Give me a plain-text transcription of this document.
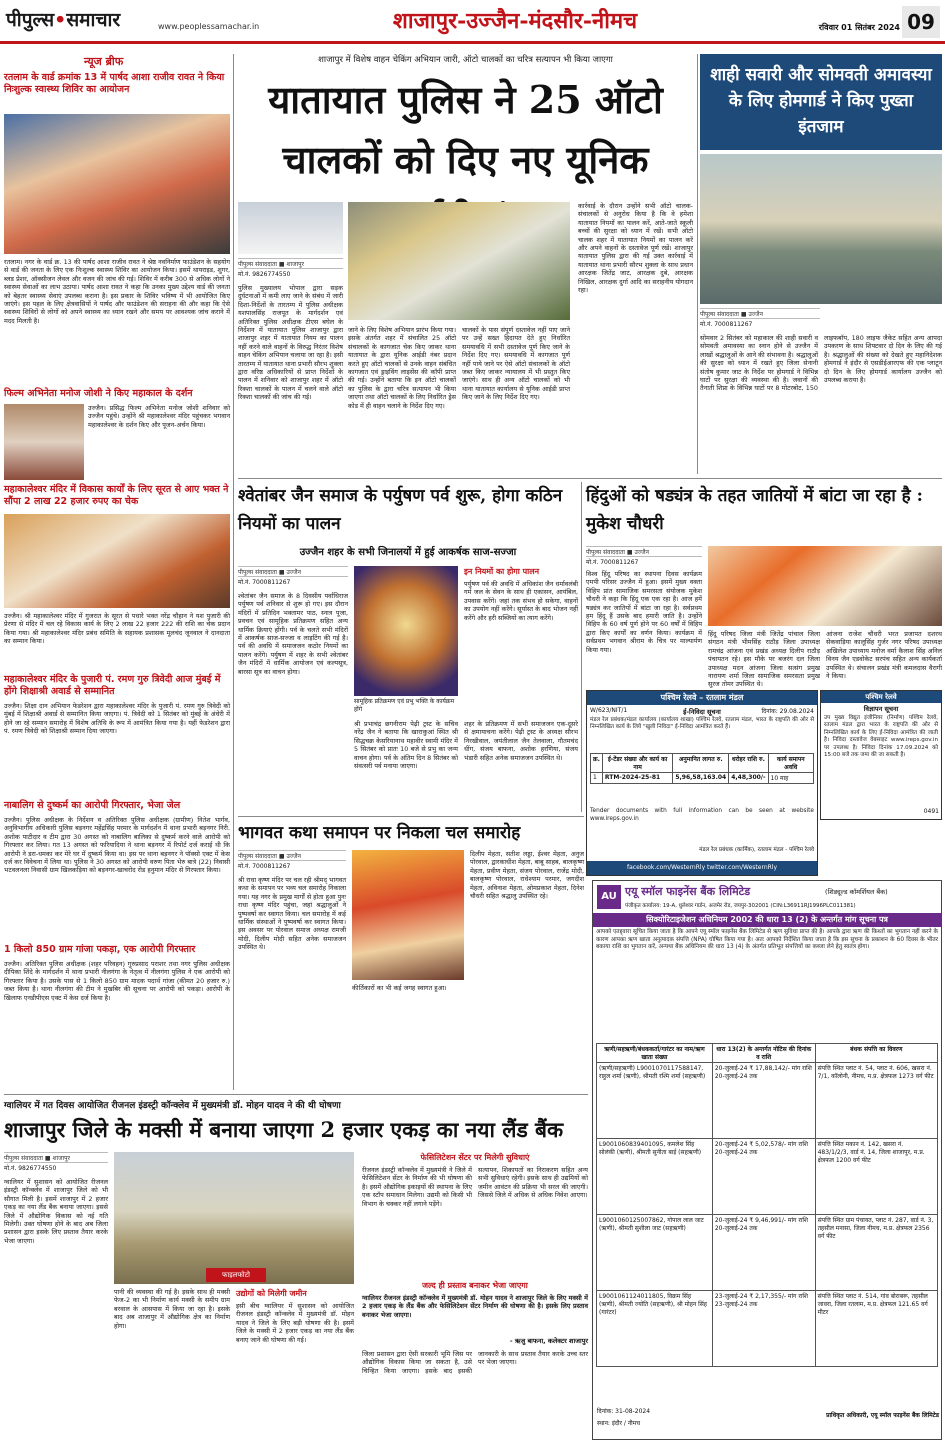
पीपुल्स•समाचार	www.peoplessamachar.in	शाजापुर-उज्जैन-मंदसौर-नीमच	रविवार 01 सितंबर 2024 09
न्यूज ब्रीफ
रतलाम के वार्ड क्रमांक 13 में पार्षद आशा राजीव रावत ने किया निःशुल्क स्वास्थ्य शिविर का आयोजन
रतलाम। नगर के वार्ड क्र. 13 की पार्षद आशा राजीव रावत ने श्रेष्ठ नवनिर्माण फाउंडेशन के सहयोग से वार्ड की जनता के लिए एक निःशुल्क स्वास्थ्य शिविर का आयोजन किया। इसमें थायराइड, शुगर, ब्लड प्रेशर, ऑक्सीजन लेवल और वजन की जांच की गई। शिविर में करीब 300 से अधिक लोगों ने स्वास्थ्य सेवाओं का लाभ उठाया। पार्षद आशा रावत ने कहा कि उनका मुख्य उद्देश्य वार्ड की जनता को बेहतर स्वास्थ्य सेवाएं उपलब्ध कराना है। इस प्रकार के शिविर भविष्य में भी आयोजित किए जाएंगे। इस पहल के लिए क्षेत्रवासियों ने पार्षद और फाउंडेशन की सराहना की और कहा कि ऐसे स्वास्थ्य शिविरों से लोगों को अपने स्वास्थ्य का ध्यान रखने और समय पर आवश्यक जांच कराने में मदद मिलती है।
फिल्म अभिनेता मनोज जोशी ने किए महाकाल के दर्शन
उज्जैन। प्रसिद्ध फिल्म अभिनेता मनोज जोशी शनिवार को उज्जैन पहुंचे। उन्होंने श्री महाकालेश्वर मंदिर पहुंचकर भगवान महाकालेश्वर के दर्शन किए और पूजन-अर्चन किया।
महाकालेश्वर मंदिर में विकास कार्यों के लिए सूरत से आए भक्त ने सौंपा 2 लाख 22 हजार रुपए का चेक
उज्जैन। श्री महाकालेश्वर मंदिर में गुजरात के सूरत से पधारे भक्त नरेंद्र चौहान ने यश पुजारी की प्रेरणा से मंदिर में चल रहे विकास कार्य के लिए 2 लाख 22 हजार 222 की राशि का चेक प्रदान किया गया। श्री महाकालेश्वर मंदिर प्रबंध समिति के सहायक प्रशासक मूलचंद जूनवाल ने दानदाता का सम्मान किया।
महाकालेश्वर मंदिर के पुजारी पं. रमण गुरु त्रिवेदी आज मुंबई में होंगे शिक्षाश्री अवार्ड से सम्मानित
उज्जैन। शिक्षा दान अभियान फेडरेशन द्वारा महाकालेश्वर मंदिर के पुजारी पं. रमण गुरु त्रिवेदी को मुंबई में शिक्षाश्री अवार्ड से सम्मानित किया जाएगा। पं. त्रिवेदी को 1 सितंबर को मुंबई के अंधेरी में होने जा रहे सम्मान समारोह में विशेष अतिथि के रूप में आमंत्रित किया गया है। यहीं फेडरेशन द्वारा पं. रमण त्रिवेदी को शिक्षाश्री सम्मान दिया जाएगा।
नाबालिग से दुष्कर्म का आरोपी गिरफ्तार, भेजा जेल
उज्जैन। पुलिस अधीक्षक के निर्देशन व अतिरिक्त पुलिस अधीक्षक (ग्रामीण) नितेश भार्गव, अनुविभागीय अधिकारी पुलिस बड़नगर महेंद्रसिंह परमार के मार्गदर्शन में थाना प्रभारी बड़नगर निरी. अशोक पाटीदार व टीम द्वारा 30 अगस्त को नाबालिग बालिका से दुष्कर्म करने वाले आरोपी को गिरफ्तार कर लिया। गत 13 अगस्त को फरियादिया ने थाना बड़नगर में रिपोर्ट दर्ज कराई थी कि आरोपी ने डरा-धमका कर मेरे घर में दुष्कर्म किया था। इस पर थाना बड़नगर ने पॉक्सो एक्ट में केस दर्ज कर विवेचना में लिया था। पुलिस ने 30 अगस्त को आरोपी वरुण पिता भेरु बात्रे (22) निवासी भटवलनला निवासी ग्राम खिलकड़िया को बड़नगर-खाचरोद रोड हनुमान मंदिर से गिरफ्तार किया।
1 किलो 850 ग्राम गांजा पकड़ा, एक आरोपी गिरफ्तार
उज्जैन। अतिरिक्त पुलिस अधीक्षक (शहर परिवहन) गुरुप्रसाद पराशर तथा नगर पुलिस अधीक्षक दीपिका शिंदे के मार्गदर्शन में थाना प्रभारी नीलगंगा के नेतृत्व में नीलगंगा पुलिस ने एक आरोपी को गिरफ्तार किया है। उसके पास से 1 किलो 850 ग्राम मादक पदार्थ गांजा (कीमत 20 हजार रु.) जब्त किया है। थाना नीलगंगा की टीम ने मुखबिर की सूचना पर आरोपी को पकड़ा। आरोपी के खिलाफ एनडीपीएस एक्ट में केस दर्ज किया है।
शाजापुर में विशेष वाहन चेकिंग अभियान जारी, ऑटो चालकों का चरित्र सत्यापन भी किया जाएगा
यातायात पुलिस ने 25 ऑटो चालकों को दिए नए यूनिक
पीपुल्स संवाददाता ■ शाजापुर
मो.नं. 9826774550
पुलिस मुख्यालय भोपाल द्वारा सड़क दुर्घटनाओं में कमी लाए जाने के संबंध में जारी दिशा-निर्देशों के तारतम्य में पुलिस अधीक्षक यशपालसिंह राजपूत के मार्गदर्शन एवं अतिरिक्त पुलिस अधीक्षक टीएस बघेल के निर्देशन में यातायात पुलिस शाजापुर द्वारा शाजापुर शहर में यातायात नियम का पालन नहीं करने वाले वाहनों के विरुद्ध निरंतर विशेष वाहन चेकिंग अभियान चलाया जा रहा है। इसी तारतम्य में यातायात थाना प्रभारी सौरभ शुक्ला द्वारा वरिष्ठ अधिकारियों से प्राप्त निर्देशों के पालन में शनिवार को शाजापुर शहर में ऑटो रिक्शा चालकों के पालन में चलने वाले ऑटो रिक्शा चालकों की जांच की गई।
जाने के लिए विशेष अभियान प्रारंभ किया गया। इसके अंतर्गत शहर में संचालित 25 ऑटो संचालकों के कागजात चेक किए जाकर थाना यातायात के द्वारा यूनिक आईडी नंबर प्रदान करते हुए ऑटो चालकों से उनके वाहन संबंधित कागजात एवं ड्राइविंग लाइसेंस की कॉपी प्राप्त की गई। उन्होंने बताया कि इन ऑटो चालकों का पुलिस के द्वारा चरित्र सत्यापन भी किया जाएगा तथा ऑटो चालकों के लिए निर्धारित ड्रेस कोड में ही वाहन चलाने के निर्देश दिए गए।
चालकों के पास संपूर्ण दस्तावेज नहीं पाए जाने पर उन्हें सख्त हिदायत देते हुए निर्धारित समयावधि में सभी दस्तावेज पूर्ण किए जाने के निर्देश दिए गए। समयावधि में कागजात पूर्ण नहीं पाये जाने पर ऐसे ऑटो संचालकों के ऑटो जब्त किए जाकर न्यायालय में भी प्रस्तुत किए जाएंगे। साथ ही अन्य ऑटो चालकों को भी थाना यातायात कार्यालय से यूनिक आईडी प्राप्त किए जाने के लिए निर्देश दिए गए।
कार्रवाई के दौरान उन्होंने सभी ऑटो चालक-संचालकों से अनुरोध किया है कि वे हमेशा यातायात नियमों का पालन करें, आते-जाते स्कूली बच्चों की सुरक्षा को ध्यान में रखें। सभी ऑटो चालक शहर में यातायात नियमों का पालन करें और अपने वाहनों के दस्तावेज पूर्ण रखें। शाजापुर यातायात पुलिस द्वारा की गई उक्त कार्रवाई में यातायात थाना प्रभारी सौरभ शुक्ला के साथ प्रधान आरक्षक जितेंद्र जाट, आरक्षक दुबे, आरक्षक निखिल, आरक्षक दुर्गा आदि का सराहनीय योगदान रहा।
शाही सवारी और सोमवती अमावस्या के लिए होमगार्ड ने किए पुख्ता इंतजाम
पीपुल्स संवाददाता ■ उज्जैन
मो.नं. 7000811267
सोमवार 2 सितंबर को महाकाल की शाही सवारी व सोमवती अमावस्या का स्नान होने से उज्जैन में लाखों श्रद्धालुओं के आने की संभावना है। श्रद्धालुओं की सुरक्षा को ध्यान में रखते हुए जिला सेनानी संतोष कुमार जाट के निर्देश पर होमगार्ड ने विभिन्न घाटों पर सुरक्षा की व्यवस्था की है। जवानों की तैनाती शिप्रा के विभिन्न घाटों पर 8 मोटरबोट, 150 लाइफबॉय, 180 लाइफ जैकेट सहित अन्य आपदा उपकरण के साथ शिफ्टवार दो दिन के लिए की गई है। श्रद्धालुओं की संख्या को देखते हुए महानिदेशक होमगार्ड ने इंदौर से एसडीईआरएफ की एक प्लाटून दो दिन के लिए होमगार्ड कार्यालय उज्जैन को उपलब्ध कराया है।
श्वेतांबर जैन समाज के पर्युषण पर्व शुरू, होगा कठिन नियमों का पालन
उज्जैन शहर के सभी जिनालयों में हुई आकर्षक साज-सज्जा
पीपुल्स संवाददाता ■ उज्जैन
मो.नं. 7000811267
श्वेतांबर जैन समाज के 8 दिवसीय पर्वाधिराज पर्युषण पर्व शनिवार से शुरू हो गए। इस दौरान मंदिरों में प्रतिदिन भक्तामर पाठ, स्नात्र पूजा, प्रवचन एवं सामूहिक प्रतिक्रमण सहित अन्य धार्मिक क्रियाएं होंगी। पर्व के चलते सभी मंदिरों में आकर्षक साज-सज्जा व लाइटिंग की गई है। पर्व की अवधि में समाजजन कठोर नियमों का पालन करेंगे। पर्युषण में शहर के सभी श्वेतांबर जैन मंदिरों में धार्मिक आयोजन एवं कल्पसूत्र, बारसा सूत्र का वाचन होगा।
सामूहिक प्रतिक्रमण एवं प्रभु भक्ति के कार्यक्रम होंगे
इन नियमों का होगा पालन
पर्युषण पर्व की अवधि में अधिकांश जैन धर्मावलंबी गर्म जल के सेवन के साथ ही एकासन, आयंबिल, उपवास करेंगे। जहां तक संभव हो सकेगा, वाहनों का उपयोग नहीं करेंगे। सूर्यास्त के बाद भोजन नहीं करेंगे और हरी सब्जियों का त्याग करेंगे।
श्री प्रभाचंद्र छगनीराम पेढ़ी ट्रस्ट के सचिव नरेंद्र जैन ने बताया कि खाराकुआं स्थित श्री सिद्धचक्र केसरियानाथ महावीर स्वामी मंदिर में 5 सितंबर को प्रातः 10 बजे से प्रभु का जन्म वाचन होगा। पर्व के अंतिम दिन 8 सितंबर को संवत्सरी पर्व मनाया जाएगा।
शहर के प्रतिक्रमण में सभी समाजजन एक-दूसरे से क्षमायाचना करेंगे। पेढ़ी ट्रस्ट के अध्यक्ष सौरभ निरखीवाल, जयंतीलाल जैन तेलवाला, गौतमचंद धींग, संजय बाफना, अशोक हरणिया, संजय भंडारी सहित अनेक समाजजन उपस्थित थे।
हिंदुओं को षड्यंत्र के तहत जातियों में बांटा जा रहा है : मुकेश चौधरी
पीपुल्स संवाददाता ■ उज्जैन
मो.नं. 7000811267
विश्व हिंदू परिषद का स्थापना दिवस कार्यक्रम एमपी परिसर उज्जैन में हुआ। इसमें मुख्य वक्ता विहिप प्रांत सामाजिक समरसता संयोजक मुकेश चौधरी ने कहा कि हिंदू एक एक रहा है। आज हमें षड्यंत्र कर जातियों में बांटा जा रहा है। सर्वप्रथम हम हिंदू हैं उसके बाद हमारी जाति है। उन्होंने विहिप के 60 वर्ष पूर्ण होने पर 60 वर्षों में विहिप द्वारा किए कार्यों का वर्णन किया। कार्यक्रम में सर्वप्रथम भगवान श्रीराम के चित्र पर माल्यार्पण किया गया।
हिंदू परिषद जिला मंत्री जितेंद्र पांचाल जिला संगठन मंत्री भीमसिंह राठौड़ जिला उपाध्यक्ष रामचंद्र आंजना एवं प्रखंड अध्यक्ष दिलीप राठौड़ पंचायतन रहे। इस मौके पर बजरंग दल जिला उपाध्यक्ष मदन आंजना जिला सत्संग प्रमुख नारायण शर्मा जिला सामाजिक समरसता प्रमुख सुरज तोमर उपस्थित थे।
आंजना राजेश चौधरी भरत प्रजापत दशरथ सेकवाड़िया कालूसिंह गुर्जर नगर परिषद उपाध्यक्ष अखिलेश उपाध्याय मनोज वर्मा कैलाश सिंह अनिल विनय जैन एडवोकेट सरपंच सहित अन्य कार्यकर्ता उपस्थित थे। संचालन प्रखंड मंत्री कमलदास वैरागी ने किया।
पश्चिम रेलवे
विज्ञापन सूचना
उप मुख्य विद्युत इंजीनियर (निर्माण) पश्चिम रेलवे, रतलाम मंडल द्वारा भारत के राष्ट्रपति की ओर से निम्नलिखित कार्य के लिए ई-निविदा आमंत्रित की जाती है। निविदा दस्तावेज वेबसाइट www.ireps.gov.in पर उपलब्ध है। निविदा दिनांक 17.09.2024 को 15:00 बजे तक जमा की जा सकती है।
0491
पश्चिम रेलवे – रतलाम मंडल
W/623/NIT/1	ई-निविदा सूचना	दिनांक: 29.08.2024
मंडल रेल प्रबंधक/मंडल कार्यालय (कार्यालय शाखा) पश्चिम रेलवे, रतलाम मंडल, भारत के राष्ट्रपति की ओर से निम्नलिखित कार्य के लिये "खुली निविदा" ई-निविदा आमंत्रित करते हैं।
क्र.	ई-टेंडर संख्या और कार्य का नाम	अनुमानित लागत रु.	धरोहर राशि रु.	कार्य समापन अवधि
1	RTM-2024-25-81	5,96,58,163.04	4,48,300/-	10 माह
Tender documents with full information can be seen at website www.ireps.gov.in
मंडल रेल प्रबंधक (कार्मिक), रतलाम मंडल - पश्चिम रेलवे
facebook.com/WesternRly twitter.com/WesternRly
भागवत कथा समापन पर निकला चल समारोह
पीपुल्स संवाददाता ■ उज्जैन
मो.नं. 7000811267
श्री राधा कृष्ण मंदिर पर चल रही श्रीमद् भागवत कथा के समापन पर भव्य चल समारोह निकाला गया। यह नगर के प्रमुख मार्गों से होता हुआ पुनः राधा कृष्ण मंदिर पहुंचा, जहां श्रद्धालुओं ने पुष्पवर्षा कर स्वागत किया। चल समारोह में कई धार्मिक संस्थाओं ने पुष्पवर्षा कर स्वागत किया। इस अवसर पर पोरवाल समाज अध्यक्ष रामजी मोदी, दिलीप मोदी सहित अनेक समाजजन उपस्थित थे।
कीर्तिकारों का भी कई जगह स्वागत हुआ।
दिलीप मेहता, सतीश लड्डा, ईश्वर मेहता, अनुज पोरवाल, द्वारकाधीश मेहता, बाबू साहब, बालकृष्ण मेहता, प्रवीण मेहता, संजय पोरवाल, राजेंद्र मोदी, बालकृष्ण पोरवाल, राधेश्याम परमार, जगदीश मेहता, अविनाश मेहता, ओमप्रकाश मेहता, दिनेश चौधरी सहित श्रद्धालु उपस्थित रहे।	AU एयू स्मॉल फाइनेंस बैंक लिमिटेड	(शिड्यूल्ड कॉमर्शियल बैंक)
पंजीकृत कार्यालय: 19-A, धुलेश्वर गार्डन, अजमेर रोड, जयपुर-302001 (CIN:L36911RJ1996PLC011381)
सिक्योरिटाइजेशन अधिनियम 2002 की धारा 13 (2) के अन्तर्गत मांग सूचना पत्र
आपको एतद्द्वारा सूचित किया जाता है कि आपने एयू स्मॉल फाइनेंस बैंक लिमिटेड से ऋण सुविधा प्राप्त की है। आपके द्वारा ऋण की किश्तों का भुगतान नहीं करने के कारण आपका ऋण खाता अनुत्पादक संपत्ति (NPA) घोषित किया गया है। अतः आपको निर्देशित किया जाता है कि इस सूचना के प्रकाशन के 60 दिवस के भीतर बकाया राशि का भुगतान करें, अन्यथा बैंक अधिनियम की धारा 13 (4) के अंतर्गत प्रतिभूत संपत्तियों का कब्जा लेने हेतु स्वतंत्र होगा।
ऋणी/सहऋणी/बंधककर्ता/गारंटर का नाम/ऋण खाता संख्या	धारा 13(2) के अन्तर्गत नोटिस की दिनांक व राशि	बंधक संपत्ति का विवरण
(ऋणी/सहऋणी) L9001070117588147, राहुल शर्मा (ऋणी), श्रीमती रश्मि शर्मा (सहऋणी)	20-जुलाई-24 ₹ 17,88,142/- मांग राशि 20-जुलाई-24 तक	संपत्ति स्थित प्लाट नं. 54, प्लाट नं. 606, खसरा नं. 7/1, कॉलोनी, नीमच, म.प्र. क्षेत्रफल 1273 वर्ग फीट
L9001060839401095, कमलेश सिंह सोलंकी (ऋणी), श्रीमती सुनीता बाई (सहऋणी)	20-जुलाई-24 ₹ 5,02,578/- मांग राशि 20-जुलाई-24 तक	संपत्ति स्थित मकान नं. 142, खसरा नं. 483/1/2/3, वार्ड नं. 14, जिला शाजापुर, म.प्र. क्षेत्रफल 1200 वर्ग फीट
L9001060125007862, गोपाल लाल जाट (ऋणी), श्रीमती सुशीला जाट (सहऋणी)	20-जुलाई-24 ₹ 9,46,991/- मांग राशि 20-जुलाई-24 तक	संपत्ति स्थित ग्राम पंचायत, प्लाट नं. 287, वार्ड नं. 3, तहसील मनासा, जिला नीमच, म.प्र. क्षेत्रफल 2356 वर्ग फीट
L9001061124011805, विक्रम सिंह (ऋणी), श्रीमती ज्योति (सहऋणी), श्री मोहन सिंह (गारंटर)	23-जुलाई-24 ₹ 2,17,355/- मांग राशि 23-जुलाई-24 तक	संपत्ति स्थित प्लाट नं. 514, गांव बोराबरू, तहसील जावरा, जिला रतलाम, म.प्र. क्षेत्रफल 121.65 वर्ग मीटर
दिनांक: 31-08-2024
स्थान: इंदौर / नीमच
प्राधिकृत अधिकारी, एयू स्मॉल फाइनेंस बैंक लिमिटेड
ग्वालियर में गत दिवस आयोजित रीजनल इंडस्ट्री कॉन्क्लेव में मुख्यमंत्री डॉ. मोहन यादव ने की थी घोषणा
शाजापुर जिले के मक्सी में बनाया जाएगा 2 हजार एकड़ का नया लैंड बैंक
पीपुल्स संवाददाता ■ शाजापुर
मो.नं. 9826774550
ग्वालियर में सुशासन को आयोजित रीजनल इंडस्ट्री कॉन्क्लेव में शाजापुर जिले को भी सौगात मिली है। इसमें शाजापुर में 2 हजार एकड़ का नया लैंड बैंक बनाया जाएगा। इससे जिले में औद्योगिक विकास को नई गति मिलेगी। उक्त घोषणा होने के बाद अब जिला प्रशासन द्वारा इसके लिए प्रस्ताव तैयार करके भेजा जाएगा।
फाइलफोटो
पानी की व्यवस्था की गई है। इसके साथ ही मक्सी फेज-2 का भी निर्माण कार्य मक्सी के समीप ग्राम बरवाल के आसपास में किया जा रहा है। इसके बाद अब शाजापुर में औद्योगिक क्षेत्र का निर्माण होगा।
उद्योगों को मिलेगी जमीन
इसी बीच ग्वालियर में सुशासन को आयोजित रीजनल इंडस्ट्री कॉन्क्लेव में मुख्यमंत्री डॉ. मोहन यादव ने जिले के लिए बड़ी घोषणा की है। इसमें जिले के मक्सी में 2 हजार एकड़ का नया लैंड बैंक बनाए जाने की घोषणा की गई।
फेसिलिटेशन सेंटर पर मिलेगी सुविधाएं
रीजनल इंडस्ट्री कॉन्क्लेव में मुख्यमंत्री ने जिले में फेसिलिटेशन सेंटर के निर्माण की भी घोषणा की है। इसमें औद्योगिक इकाइयों की स्थापना के लिए एक स्टॉप समाधान मिलेगा। उद्यमी को किसी भी विभाग के चक्कर नहीं लगाने पड़ेंगे।
सत्यापन, शिकायतों का निराकरण सहित अन्य सभी सुविधाएं रहेगी। इसके साथ ही उद्यमियों को जमीन आवंटन की प्रक्रिया भी सरल की जाएगी। जिससे जिले में अधिक से अधिक निवेश आएगा।
जल्द ही प्रस्ताव बनाकर भेजा जाएगा
ग्वालियर रीजनल इंडस्ट्री कॉन्क्लेव में मुख्यमंत्री डॉ. मोहन यादव ने शाजापुर जिले के लिए मक्सी में 2 हजार एकड़ के लैंड बैंक और फेसिलिटेशन सेंटर निर्माण की घोषणा की है। इसके लिए प्रस्ताव बनाकर भेजा जाएगा।
- ऋजु बाफना, कलेक्टर शाजापुर
जिला प्रशासन द्वारा ऐसी सरकारी भूमि जिस पर औद्योगिक विकास किया जा सकता है, उसे चिन्हित किया जाएगा। इसके बाद इसकी जानकारी के साथ प्रस्ताव तैयार करके उच्च स्तर पर भेजा जाएगा।
